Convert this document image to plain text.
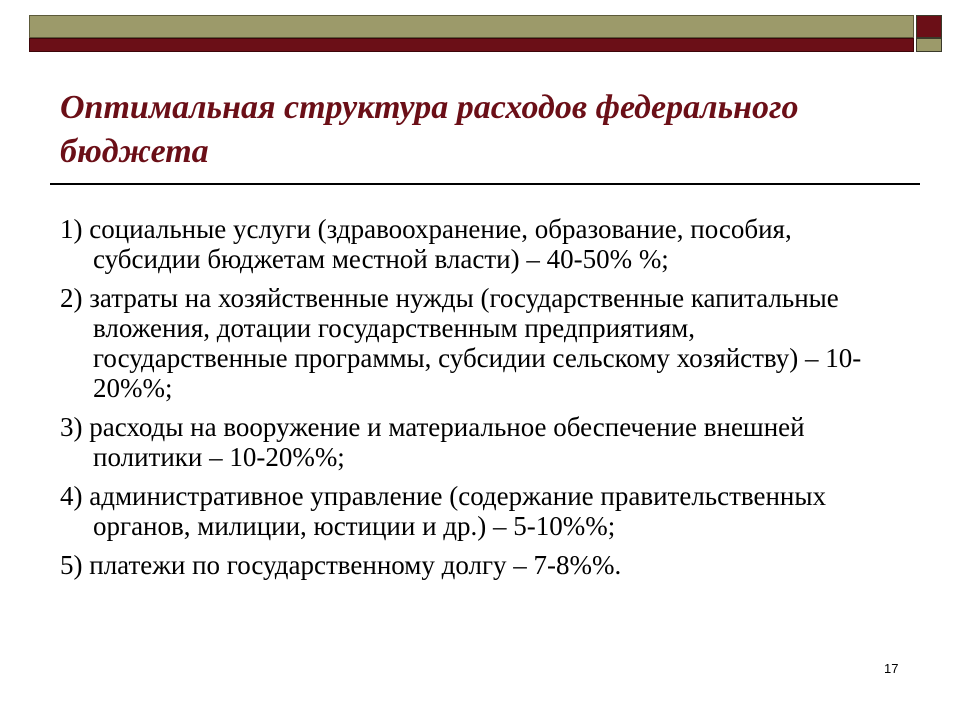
Оптимальная структура расходов федерального
бюджета
1) социальные услуги (здравоохранение, образование, пособия, субсидии бюджетам местной власти) – 40-50% %;
2) затраты на хозяйственные нужды (государственные капитальные вложения, дотации государственным предприятиям, государственные программы, субсидии сельскому хозяйству) – 10-20%%;
3) расходы на вооружение и материальное обеспечение внешней политики – 10-20%%;
4) административное управление (содержание правительственных органов, милиции, юстиции и др.) – 5-10%%;
5) платежи по государственному долгу – 7-8%%.
17
